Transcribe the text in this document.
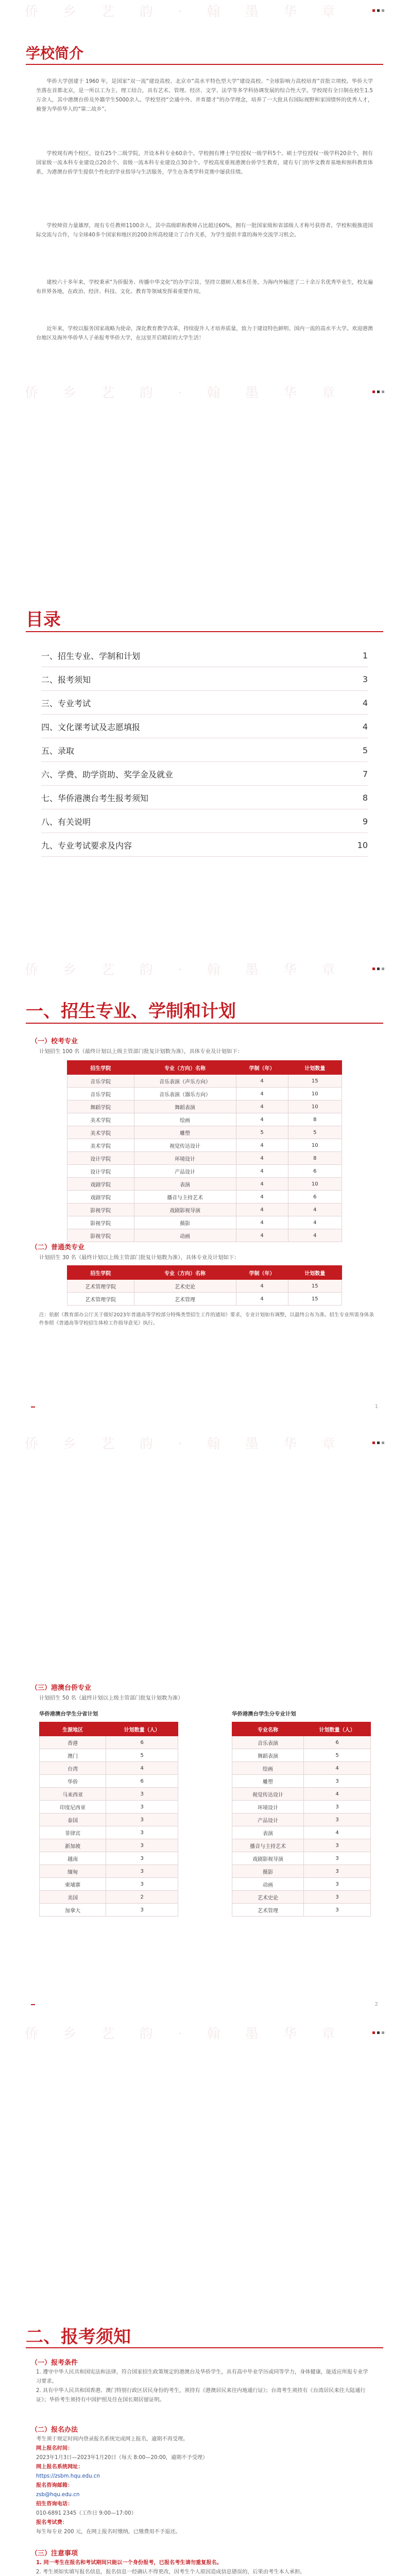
侨 乡 艺 韵 · 翰 墨 华 章
学校简介
华侨大学创建于 1960 年，是国家“双一流”建设高校、北京市“高水平特色型大学”建设高校、“全球影响力高校培育”首批立项校。华侨大学坐落在首都北京，是一所以工为主、理工结合，具有艺术、管理、经济、文学、法学等多学科协调发展的综合性大学。学校现有全日制在校生1.5万余人，其中港澳台侨及外籍学生5000余人。学校坚持“会通中外、并育德才”的办学理念，培养了一大批具有国际视野和家国情怀的优秀人才，被誉为华侨华人的“第二故乡”。
学校现有两个校区，设有25个二级学院，开设本科专业60余个。学校拥有博士学位授权一级学科5个、硕士学位授权一级学科20余个，拥有国家级一流本科专业建设点20余个、省级一流本科专业建设点30余个。学校高度重视港澳台侨学生教育，建有专门的华文教育基地和预科教育体系，为港澳台侨学生提供个性化的学业指导与生活服务，学生在各类学科竞赛中屡获佳绩。
学校师资力量雄厚，现有专任教师1100余人，其中高级职称教师占比超过60%，拥有一批国家级和省部级人才称号获得者。学校积极推进国际交流与合作，与全球40多个国家和地区的200余所高校建立了合作关系，为学生提供丰富的海外交流学习机会。
建校六十多年来，学校秉承“为侨服务、传播中华文化”的办学宗旨，坚持立德树人根本任务，为海内外输送了二十余万名优秀毕业生，校友遍布世界各地，在政治、经济、科技、文化、教育等领域发挥着重要作用。
近年来，学校以服务国家战略为使命，深化教育教学改革，持续提升人才培养质量，致力于建设特色鲜明、国内一流的高水平大学。欢迎港澳台地区及海外华侨华人子弟报考华侨大学，在这里开启精彩的大学生活！
侨 乡 艺 韵 · 翰 墨 华 章
目录
一、招生专业、学制和计划	1
二、报考须知	3
三、专业考试	4
四、文化课考试及志愿填报	4
五、录取	5
六、学费、助学资助、奖学金及就业	7
七、华侨港澳台考生报考须知	8
八、有关说明	9
九、专业考试要求及内容	10
侨 乡 艺 韵 · 翰 墨 华 章
一、招生专业、学制和计划
（一）校考专业
计划招生 100 名（最终计划以上级主管部门批复计划数为准），具体专业及计划如下：
招生学院	专业（方向）名称	学制（年）	计划数量
音乐学院	音乐表演（声乐方向）	4	15
音乐学院	音乐表演（器乐方向）	4	10
舞蹈学院	舞蹈表演	4	10
美术学院	绘画	4	8
美术学院	雕塑	5	5
美术学院	视觉传达设计	4	10
设计学院	环境设计	4	8
设计学院	产品设计	4	6
戏剧学院	表演	4	10
戏剧学院	播音与主持艺术	4	6
影视学院	戏剧影视导演	4	4
影视学院	摄影	4	4
影视学院	动画	4	4
（二）普通类专业
计划招生 30 名（最终计划以上级主管部门批复计划数为准），具体专业及计划如下：
招生学院	专业（方向）名称	学制（年）	计划数量
艺术管理学院	艺术史论	4	15
艺术管理学院	艺术管理	4	15
注：依据《教育部办公厅关于做好2023年普通高等学校部分特殊类型招生工作的通知》要求，专业计划如有调整，以最终公布为准。招生专业所需身体条件参照《普通高等学校招生体检工作指导意见》执行。
1
侨 乡 艺 韵 · 翰 墨 华 章
（三）港澳台侨专业
计划招生 50 名（最终计划以上级主管部门批复计划数为准）
华侨港澳台学生分省计划	华侨港澳台学生分专业计划
生源地区	计划数量（人）
香港	6
澳门	5
台湾	4
华侨	6
马来西亚	3
印度尼西亚	3
泰国	3
菲律宾	3
新加坡	3
越南	3
缅甸	3
柬埔寨	3
美国	2
加拿大	3
专业名称	计划数量（人）
音乐表演	6
舞蹈表演	5
绘画	4
雕塑	3
视觉传达设计	4
环境设计	3
产品设计	3
表演	4
播音与主持艺术	3
戏剧影视导演	3
摄影	3
动画	3
艺术史论	3
艺术管理	3
2
侨 乡 艺 韵 · 翰 墨 华 章
二、报考须知
（一）报考条件

1. 遵守中华人民共和国宪法和法律，符合国家招生政策规定的港澳台及华侨学生，具有高中毕业学历或同等学力，身体健康，能适应所报专业学习要求。

2. 具有中华人民共和国香港、澳门特别行政区居民身份的考生，须持有《港澳居民来往内地通行证》；台湾考生须持有《台湾居民来往大陆通行证》；华侨考生须持有中国护照及住在国长期居留证明。

（二）报名办法

考生须于规定时间内登录报名系统完成网上报名，逾期不再受理。

网上报名时间：

2023年1月3日—2023年1月20日（每天 8:00—20:00，逾期不予受理）

网上报名系统网址：

https://zsbm.hqu.edu.cn

报名咨询邮箱：

zsb@hqu.edu.cn

招生咨询电话：

010-6891 2345（工作日 9:00—17:00）

报名考试费：

每生每专业 200 元，在网上报名时缴纳，已缴费用不予退还。

（三）注意事项

1. 同一考生在报名和考试期间只能以一个身份报考，已报名考生请勿重复报名。

2. 考生须如实填写报名信息，报名信息一经确认不得更改，因考生个人原因造成信息错误的，后果由考生本人承担。
